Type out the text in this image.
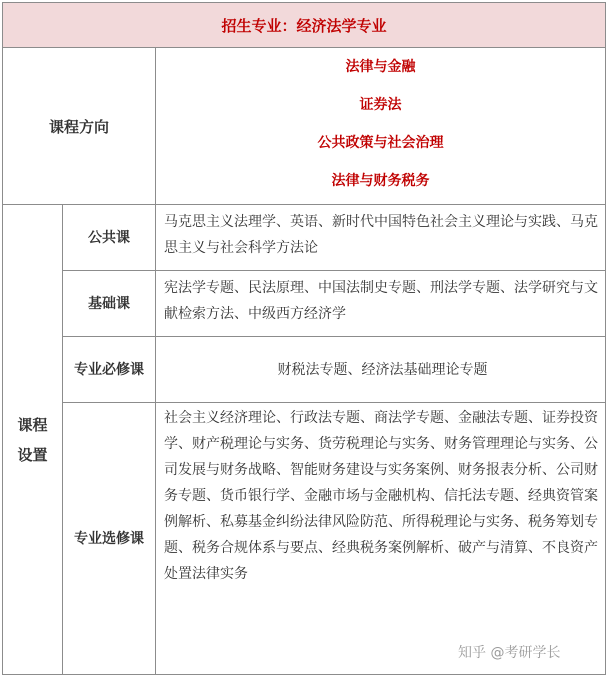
招生专业：经济法学专业
课程方向
法律与金融
证券法
公共政策与社会治理
法律与财务税务
课程
设置
公共课
马克思主义法理学、英语、新时代中国特色社会主义理论与实践、马克思主义与社会科学方法论
基础课
宪法学专题、民法原理、中国法制史专题、刑法学专题、法学研究与文献检索方法、中级西方经济学
专业必修课	财税法专题、经济法基础理论专题
专业选修课
社会主义经济理论、行政法专题、商法学专题、金融法专题、证券投资学、财产税理论与实务、货劳税理论与实务、财务管理理论与实务、公司发展与财务战略、智能财务建设与实务案例、财务报表分析、公司财务专题、货币银行学、金融市场与金融机构、信托法专题、经典资管案例解析、私募基金纠纷法律风险防范、所得税理论与实务、税务筹划专题、税务合规体系与要点、经典税务案例解析、破产与清算、不良资产处置法律实务
知乎 @考研学长
